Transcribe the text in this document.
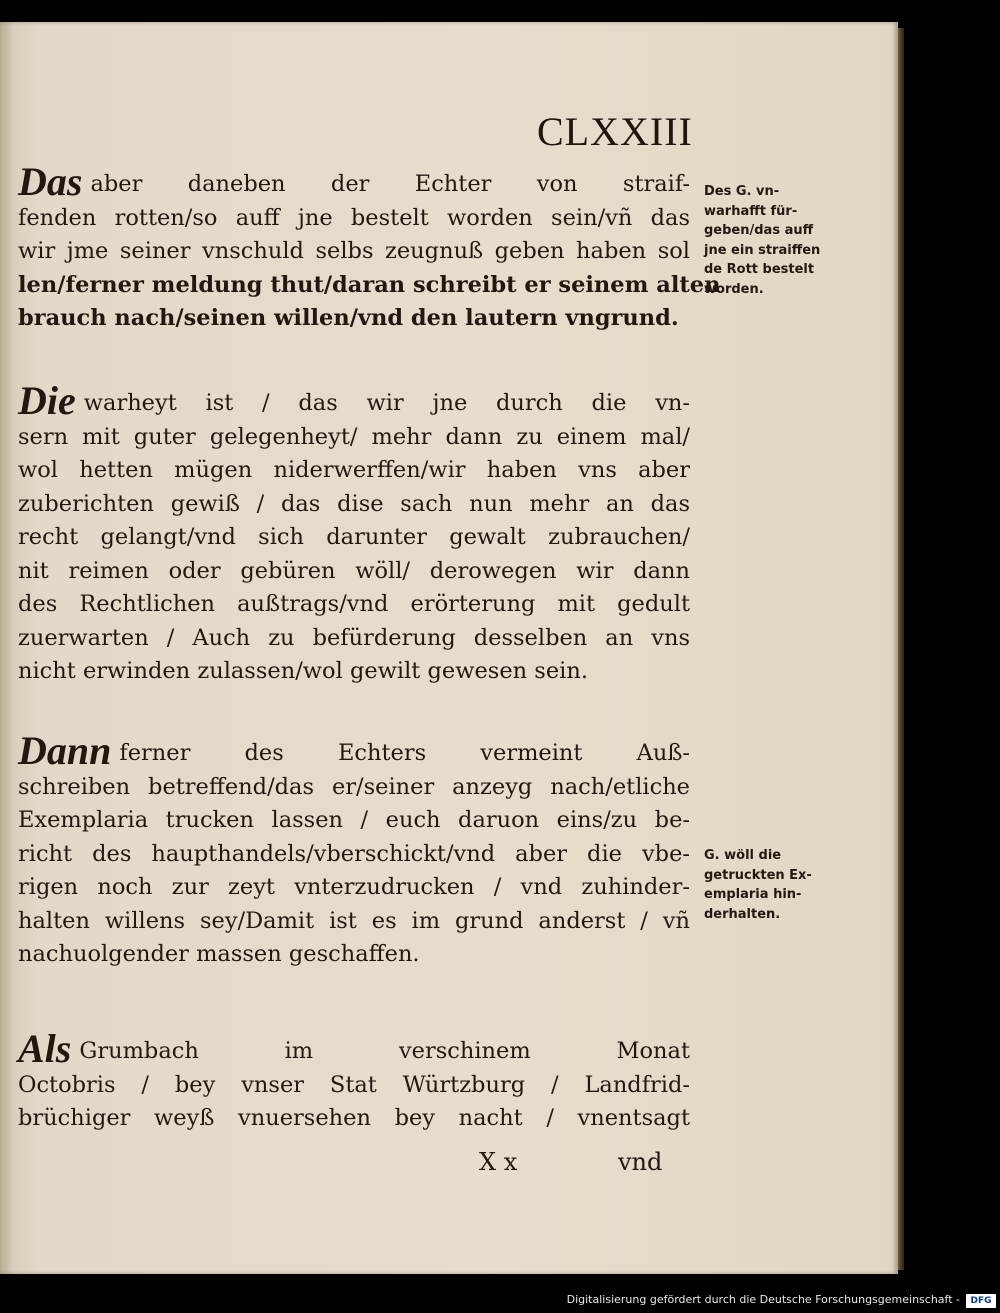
CLXXIII

Das aber daneben der Echter von straif-
fenden rotten/so auff jne bestelt worden sein/vñ das
wir jme seiner vnschuld selbs zeugnuß geben haben sol
len/ferner meldung thut/daran schreibt er seinem alten
brauch nach/seinen willen/vnd den lautern vngrund.

Des G. vn-
warhafft für-
geben/das auff
jne ein straiffen
de Rott bestelt
worden.

Die warheyt ist / das wir jne durch die vn-
sern mit guter gelegenheyt/ mehr dann zu einem mal/
wol hetten mügen niderwerffen/wir haben vns aber
zuberichten gewiß / das dise sach nun mehr an das
recht gelangt/vnd sich darunter gewalt zubrauchen/
nit reimen oder gebüren wöll/ derowegen wir dann
des Rechtlichen außtrags/vnd erörterung mit gedult
zuerwarten / Auch zu befürderung desselben an vns
nicht erwinden zulassen/wol gewilt gewesen sein.

Dann ferner des Echters vermeint Auß-
schreiben betreffend/das er/seiner anzeyg nach/etliche
Exemplaria trucken lassen / euch daruon eins/zu be-
richt des haupthandels/vberschickt/vnd aber die vbe-
rigen noch zur zeyt vnterzudrucken / vnd zuhinder-
halten willens sey/Damit ist es im grund anderst / vñ
nachuolgender massen geschaffen.

G. wöll die
getruckten Ex-
emplaria hin-
derhalten.

Als Grumbach im verschinem Monat
Octobris / bey vnser Stat Würtzburg / Landfrid-
brüchiger weyß vnuersehen bey nacht / vnentsagt

X x	vnd
Digitalisierung gefördert durch die Deutsche Forschungsgemeinschaft -	DFG
